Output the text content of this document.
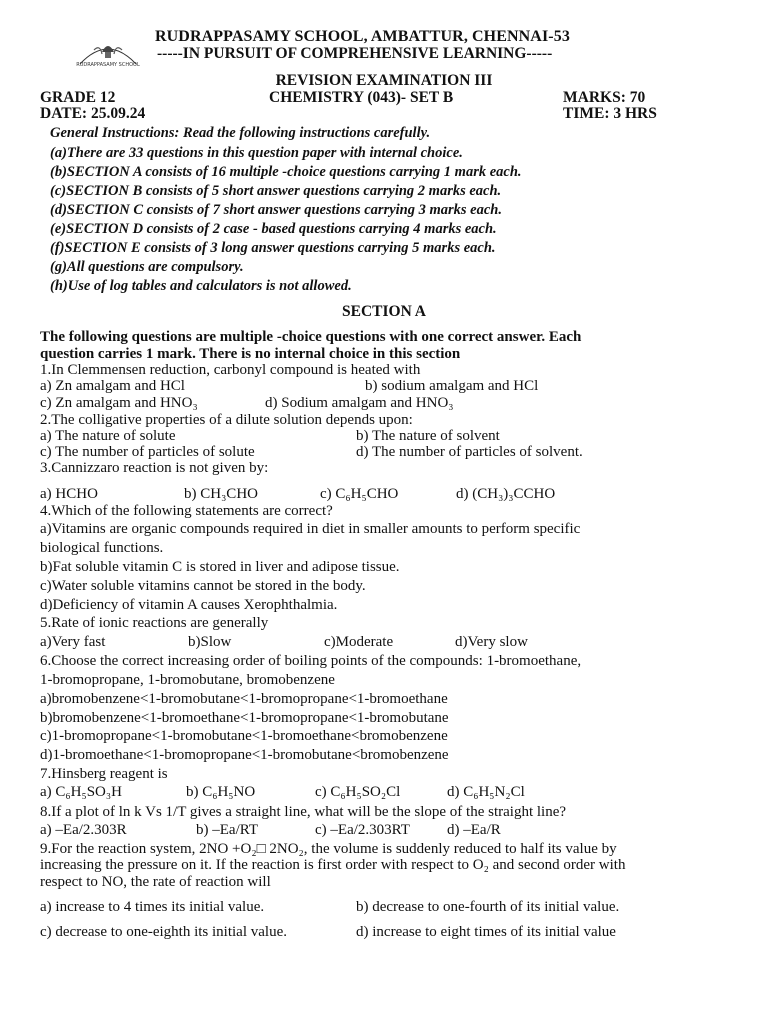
RUDRAPPASAMY SCHOOL
RUDRAPPASAMY SCHOOL, AMBATTUR, CHENNAI-53
-----IN PURSUIT OF COMPREHENSIVE LEARNING-----
REVISION EXAMINATION III
GRADE 12	CHEMISTRY (043)- SET B	MARKS: 70
DATE: 25.09.24	TIME: 3 HRS
General Instructions: Read the following instructions carefully.
(a)There are 33 questions in this question paper with internal choice.
(b)SECTION A consists of 16 multiple -choice questions carrying 1 mark each.
(c)SECTION B consists of 5 short answer questions carrying 2 marks each.
(d)SECTION C consists of 7 short answer questions carrying 3 marks each.
(e)SECTION D consists of 2 case - based questions carrying 4 marks each.
(f)SECTION E consists of 3 long answer questions carrying 5 marks each.
(g)All questions are compulsory.
(h)Use of log tables and calculators is not allowed.
SECTION A
The following questions are multiple -choice questions with one correct answer. Each
question carries 1 mark. There is no internal choice in this section
1.In Clemmensen reduction, carbonyl compound is heated with
a) Zn amalgam and HCl	b) sodium amalgam and HCl
c) Zn amalgam and HNO₃	d) Sodium amalgam and HNO₃
2.The colligative properties of a dilute solution depends upon:
a) The nature of solute	b) The nature of solvent
c) The number of particles of solute	d) The number of particles of solvent.
3.Cannizzaro reaction is not given by:
a) HCHO	b) CH₃CHO	c) C₆H₅CHO	d) (CH₃)₃CCHO
4.Which of the following statements are correct?
a)Vitamins are organic compounds required in diet in smaller amounts to perform specific
biological functions.
b)Fat soluble vitamin C is stored in liver and adipose tissue.
c)Water soluble vitamins cannot be stored in the body.
d)Deficiency of vitamin A causes Xerophthalmia.
5.Rate of ionic reactions are generally
a)Very fast	b)Slow	c)Moderate	d)Very slow
6.Choose the correct increasing order of boiling points of the compounds: 1-bromoethane,
1-bromopropane, 1-bromobutane, bromobenzene
a)bromobenzene<1-bromobutane<1-bromopropane<1-bromoethane
b)bromobenzene<1-bromoethane<1-bromopropane<1-bromobutane
c)1-bromopropane<1-bromobutane<1-bromoethane<bromobenzene
d)1-bromoethane<1-bromopropane<1-bromobutane<bromobenzene
7.Hinsberg reagent is
a) C₆H₅SO₃H	b) C₆H₅NO	c) C₆H₅SO₂Cl	d) C₆H₅N₂Cl
8.If a plot of ln k Vs 1/T gives a straight line, what will be the slope of the straight line?
a) –Ea/2.303R	b) –Ea/RT	c) –Ea/2.303RT d) –Ea/R
9.For the reaction system, 2NO +O₂□ 2NO₂, the volume is suddenly reduced to half its value by
increasing the pressure on it. If the reaction is first order with respect to O₂ and second order with
respect to NO, the rate of reaction will
a) increase to 4 times its initial value.	b) decrease to one-fourth of its initial value.
c) decrease to one-eighth its initial value.	d) increase to eight times of its initial value
